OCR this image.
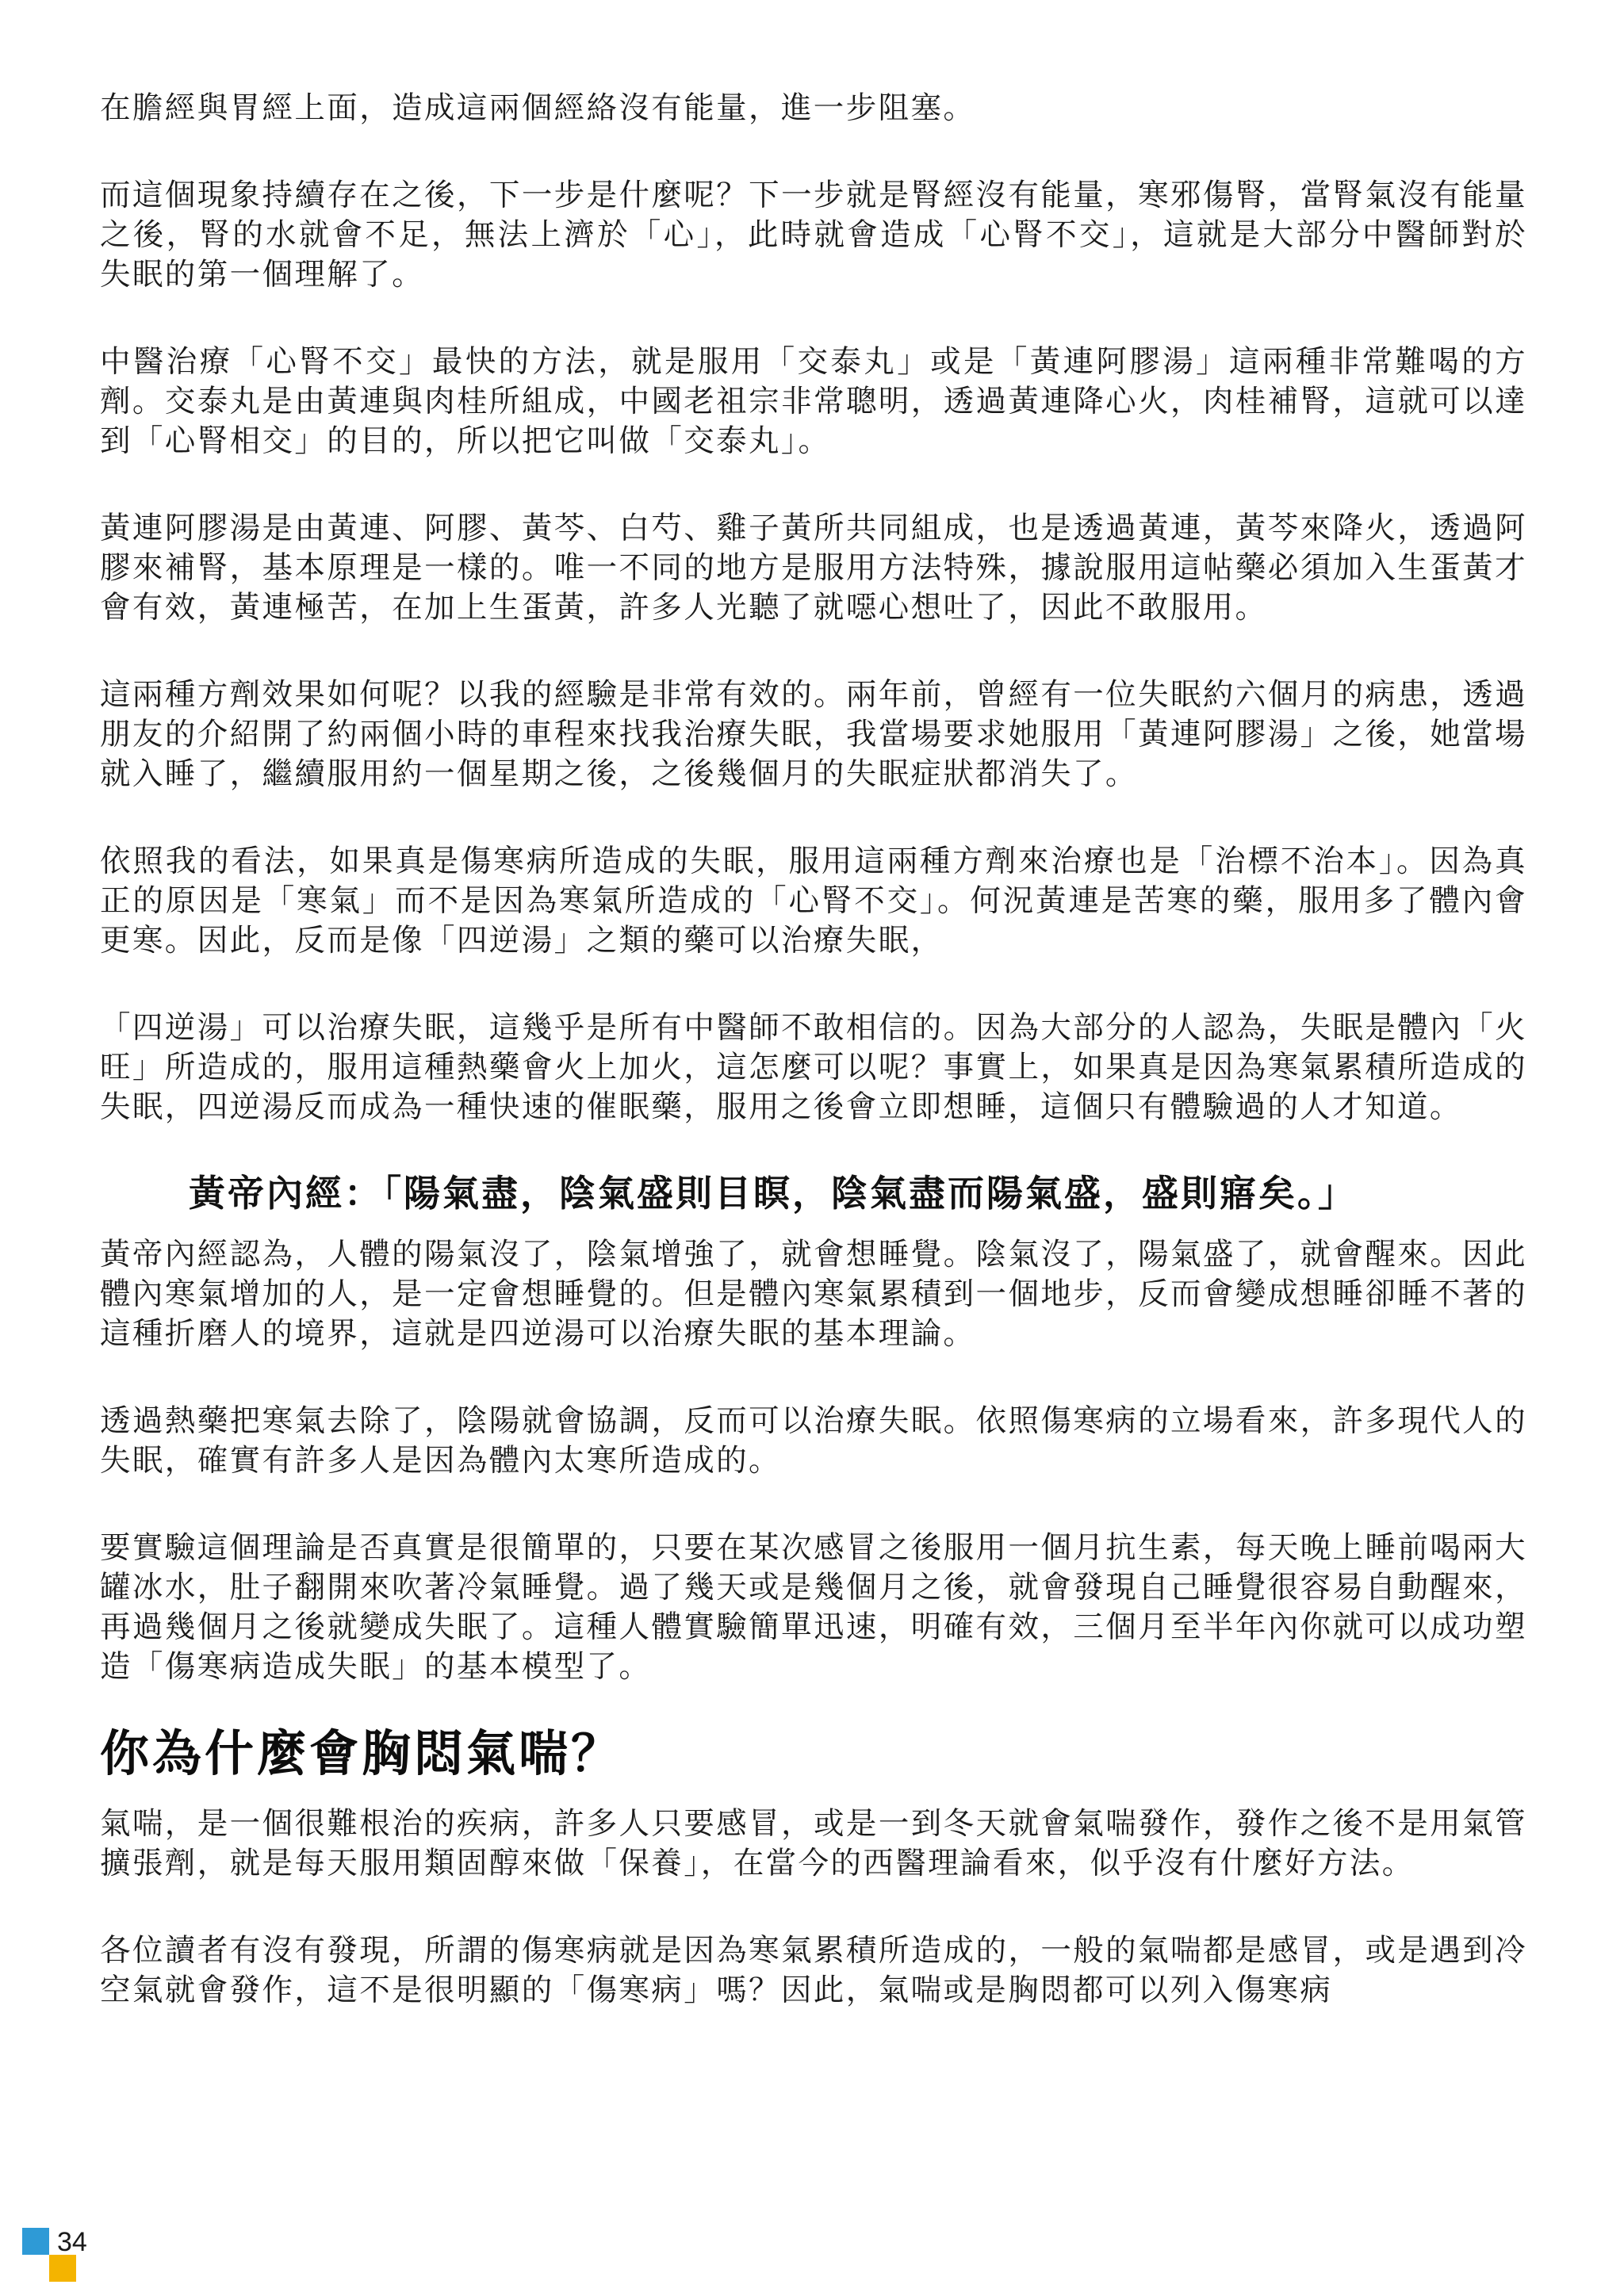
在膽經與胃經上面，造成這兩個經絡沒有能量，進一步阻塞。

而這個現象持續存在之後，下一步是什麼呢？下一步就是腎經沒有能量，寒邪傷腎，當腎氣沒有能量之後，腎的水就會不足，無法上濟於「心」，此時就會造成「心腎不交」，這就是大部分中醫師對於失眠的第一個理解了。

中醫治療「心腎不交」最快的方法，就是服用「交泰丸」或是「黃連阿膠湯」這兩種非常難喝的方劑。交泰丸是由黃連與肉桂所組成，中國老祖宗非常聰明，透過黃連降心火，肉桂補腎，這就可以達到「心腎相交」的目的，所以把它叫做「交泰丸」。

黃連阿膠湯是由黃連、阿膠、黃芩、白芍、雞子黃所共同組成，也是透過黃連，黃芩來降火，透過阿膠來補腎，基本原理是一樣的。唯一不同的地方是服用方法特殊，據說服用這帖藥必須加入生蛋黃才會有效，黃連極苦，在加上生蛋黃，許多人光聽了就噁心想吐了，因此不敢服用。

這兩種方劑效果如何呢？以我的經驗是非常有效的。兩年前，曾經有一位失眠約六個月的病患，透過朋友的介紹開了約兩個小時的車程來找我治療失眠，我當場要求她服用「黃連阿膠湯」之後，她當場就入睡了，繼續服用約一個星期之後，之後幾個月的失眠症狀都消失了。

依照我的看法，如果真是傷寒病所造成的失眠，服用這兩種方劑來治療也是「治標不治本」。因為真正的原因是「寒氣」而不是因為寒氣所造成的「心腎不交」。何況黃連是苦寒的藥，服用多了體內會更寒。因此，反而是像「四逆湯」之類的藥可以治療失眠，

「四逆湯」可以治療失眠，這幾乎是所有中醫師不敢相信的。因為大部分的人認為，失眠是體內「火旺」所造成的，服用這種熱藥會火上加火，這怎麼可以呢？事實上，如果真是因為寒氣累積所造成的失眠，四逆湯反而成為一種快速的催眠藥，服用之後會立即想睡，這個只有體驗過的人才知道。

黃帝內經：「陽氣盡，陰氣盛則目瞑，陰氣盡而陽氣盛，盛則寤矣。」

黃帝內經認為，人體的陽氣沒了，陰氣增強了，就會想睡覺。陰氣沒了，陽氣盛了，就會醒來。因此體內寒氣增加的人，是一定會想睡覺的。但是體內寒氣累積到一個地步，反而會變成想睡卻睡不著的這種折磨人的境界，這就是四逆湯可以治療失眠的基本理論。

透過熱藥把寒氣去除了，陰陽就會協調，反而可以治療失眠。依照傷寒病的立場看來，許多現代人的失眠，確實有許多人是因為體內太寒所造成的。

要實驗這個理論是否真實是很簡單的，只要在某次感冒之後服用一個月抗生素，每天晚上睡前喝兩大罐冰水，肚子翻開來吹著冷氣睡覺。過了幾天或是幾個月之後，就會發現自己睡覺很容易自動醒來，再過幾個月之後就變成失眠了。這種人體實驗簡單迅速，明確有效，三個月至半年內你就可以成功塑造「傷寒病造成失眠」的基本模型了。

你為什麼會胸悶氣喘？

氣喘，是一個很難根治的疾病，許多人只要感冒，或是一到冬天就會氣喘發作，發作之後不是用氣管擴張劑，就是每天服用類固醇來做「保養」，在當今的西醫理論看來，似乎沒有什麼好方法。

各位讀者有沒有發現，所謂的傷寒病就是因為寒氣累積所造成的，一般的氣喘都是感冒，或是遇到冷空氣就會發作，這不是很明顯的「傷寒病」嗎？因此，氣喘或是胸悶都可以列入傷寒病

34
